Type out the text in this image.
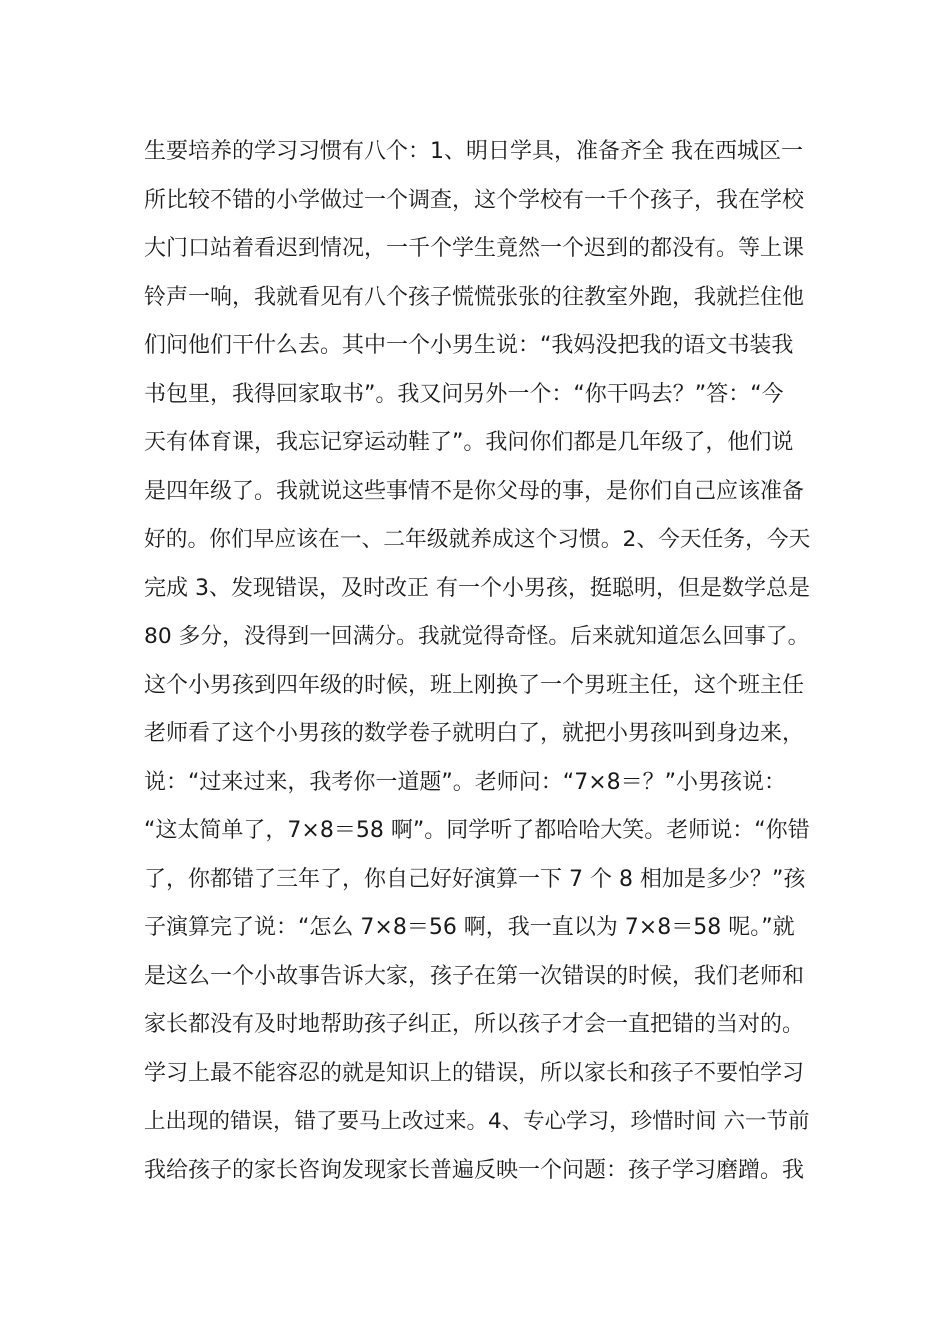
生要培养的学习习惯有八个：1、明日学具，准备齐全 我在西城区一
所比较不错的小学做过一个调查，这个学校有一千个孩子，我在学校
大门口站着看迟到情况，一千个学生竟然一个迟到的都没有。等上课
铃声一响，我就看见有八个孩子慌慌张张的往教室外跑，我就拦住他
们问他们干什么去。其中一个小男生说：“我妈没把我的语文书装我
书包里，我得回家取书”。我又问另外一个：“你干吗去？”答：“今
天有体育课，我忘记穿运动鞋了”。我问你们都是几年级了，他们说
是四年级了。我就说这些事情不是你父母的事，是你们自己应该准备
好的。你们早应该在一、二年级就养成这个习惯。2、今天任务，今天
完成 3、发现错误，及时改正 有一个小男孩，挺聪明，但是数学总是
80 多分，没得到一回满分。我就觉得奇怪。后来就知道怎么回事了。
这个小男孩到四年级的时候，班上刚换了一个男班主任，这个班主任
老师看了这个小男孩的数学卷子就明白了，就把小男孩叫到身边来，
说：“过来过来，我考你一道题”。老师问：“7×8＝？”小男孩说：
“这太简单了，7×8＝58 啊”。同学听了都哈哈大笑。老师说：“你错
了，你都错了三年了，你自己好好演算一下 7 个 8 相加是多少？”孩
子演算完了说：“怎么 7×8＝56 啊，我一直以为 7×8＝58 呢。”就
是这么一个小故事告诉大家，孩子在第一次错误的时候，我们老师和
家长都没有及时地帮助孩子纠正，所以孩子才会一直把错的当对的。
学习上最不能容忍的就是知识上的错误，所以家长和孩子不要怕学习
上出现的错误，错了要马上改过来。4、专心学习，珍惜时间 六一节前
我给孩子的家长咨询发现家长普遍反映一个问题：孩子学习磨蹭。我
